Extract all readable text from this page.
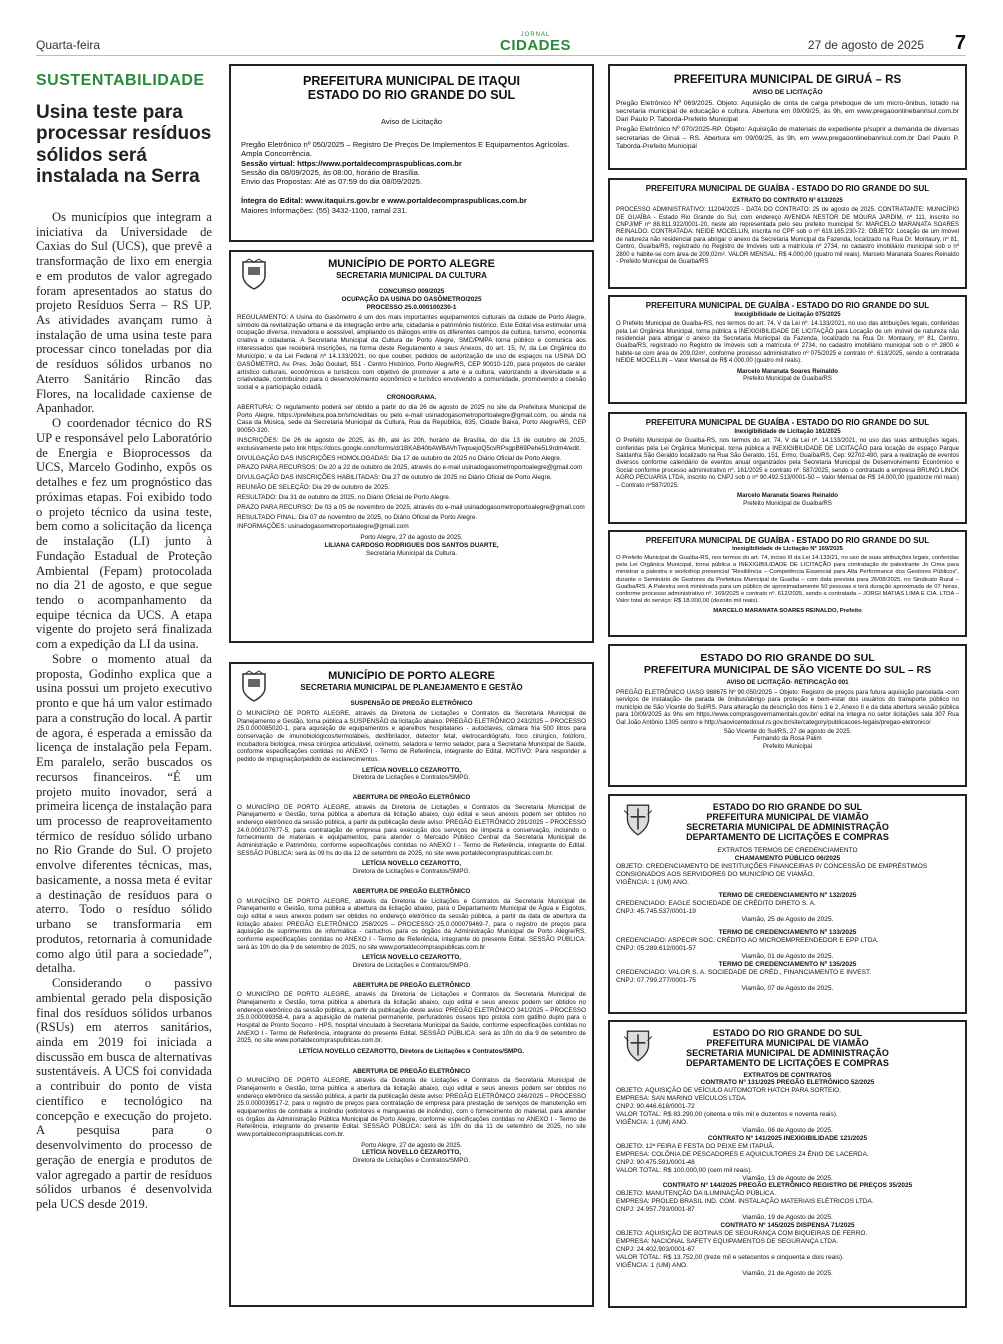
Quarta-feira
JORNAL
CIDADES	27 de agosto de 2025 7
SUSTENTABILIDADE
Usina teste para processar resíduos sólidos será instalada na Serra

Os municípios que integram a iniciativa da Universidade de Caxias do Sul (UCS), que prevê a transformação de lixo em energia e em produtos de valor agregado foram apresentados ao status do projeto Resíduos Serra – RS UP. As atividades avançam rumo à instalação de uma usina teste para processar cinco toneladas por dia de resíduos sólidos urbanos no Aterro Sanitário Rincão das Flores, na localidade caxiense de Apanhador.

O coordenador técnico do RS UP e responsável pelo Laboratório de Energia e Bioprocessos da UCS, Marcelo Godinho, expôs os detalhes e fez um prognóstico das próximas etapas. Foi exibido todo o projeto técnico da usina teste, bem como a solicitação da licença de instalação (LI) junto à Fundação Estadual de Proteção Ambiental (Fepam) protocolada no dia 21 de agosto, e que segue tendo o acompanhamento da equipe técnica da UCS. A etapa vigente do projeto será finalizada com a expedição da LI da usina.

Sobre o momento atual da proposta, Godinho explica que a usina possui um projeto executivo pronto e que há um valor estimado para a construção do local. A partir de agora, é esperada a emissão da licença de instalação pela Fepam. Em paralelo, serão buscados os recursos financeiros. “É um projeto muito inovador, será a primeira licença de instalação para um processo de reaproveitamento térmico de resíduo sólido urbano no Rio Grande do Sul. O projeto envolve diferentes técnicas, mas, basicamente, a nossa meta é evitar a destinação de resíduos para o aterro. Todo o resíduo sólido urbano se transformaria em produtos, retornaria à comunidade como algo útil para a sociedade”, detalha.

Considerando o passivo ambiental gerado pela disposição final dos resíduos sólidos urbanos (RSUs) em aterros sanitários, ainda em 2019 foi iniciada a discussão em busca de alternativas sustentáveis. A UCS foi convidada a contribuir do ponto de vista científico e tecnológico na concepção e execução do projeto. A pesquisa para o desenvolvimento do processo de geração de energia e produtos de valor agregado a partir de resíduos sólidos urbanos é desenvolvida pela UCS desde 2019.

PREFEITURA MUNICIPAL DE ITAQUI
ESTADO DO RIO GRANDE DO SUL
Aviso de Licitação
Pregão Eletrônico nº 050/2025 – Registro De Preços De Implementos E Equipamentos Agrícolas. Ampla Concorrência.
Sessão virtual: https://www.portaldecompraspublicas.com.br
Sessão dia 08/09/2025, às 08:00, horário de Brasília.
Envio das Propostas: Até as 07:59 do dia 08/09/2025.
Íntegra do Edital: www.itaqui.rs.gov.br e www.portaldecompraspublicas.com.br
Maiores Informações: (55) 3432-1100, ramal 231.
MUNICÍPIO DE PORTO ALEGRE
SECRETARIA MUNICIPAL DA CULTURA
CONCURSO 009/2025
OCUPAÇÃO DA USINA DO GASÔMETRO/2025
PROCESSO 25.0.000100230-1

REGULAMENTO: A Usina do Gasômetro é um dos mais importantes equipamentos culturais da cidade de Porto Alegre, símbolo da revitalização urbana e da integração entre arte, cidadania e patrimônio histórico. Este Edital visa estimular uma ocupação diversa, inovadora e acessível, ampliando os diálogos entre os diferentes campos da cultura, turismo, economia criativa e cidadania. A Secretaria Municipal da Cultura de Porto Alegre, SMC/PMPA torna público e comunica aos interessados que receberá inscrições, na forma deste Regulamento e seus Anexos, do art. 15, IV, da Lei Orgânica do Município, e da Lei Federal nº 14.133/2021, no que couber, pedidos de autorização de uso de espaços na USINA DO GASÔMETRO, Av. Pres. João Goulart, 551 - Centro Histórico, Porto Alegre/RS, CEP 90010-120, para projetos de caráter artístico culturais, econômicos e turísticos com objetivo de promover a arte e a cultura, valorizando a diversidade e a criatividade, contribuindo para o desenvolvimento econômico e turístico envolvendo a comunidade, promovendo a coesão social e a participação cidadã.

CRONOGRAMA.

ABERTURA: O regulamento poderá ser obtido a partir do dia 26 de agosto de 2025 no site da Prefeitura Municipal de Porto Alegre, https://prefeitura.poa.br/smc/editais ou pelo e-mail usinadogasometroportoalegre@gmail.com, ou ainda na Casa da Música, sede da Secretaria Municipal da Cultura, Rua da República, 635, Cidade Baixa, Porto Alegre/RS, CEP 90050-320.

INSCRIÇÕES: De 26 de agosto de 2025, às 8h, até às 20h, horário de Brasília, do dia 13 de outubro de 2025, exclusivamente pelo link https://docs.google.com/forms/d/1BKAB40bAWBAVhTwpuejoQ5cvRPsgpB69Pehe5L9rdm4/edit.

DIVULGAÇÃO DAS INSCRIÇÕES HOMOLOGADAS: Dia 17 de outubro de 2025 no Diário Oficial de Porto Alegre.

PRAZO PARA RECURSOS: De 20 a 22 de outubro de 2025, através do e-mail usinadogasometroportoalegre@gmail.com

DIVULGAÇÃO DAS INSCRIÇÕES HABILITADAS: Dia 27 de outubro de 2025 no Diário Oficial de Porto Alegre.

REUNIÃO DE SELEÇÃO: Dia 29 de outubro de 2025.

RESULTADO: Dia 31 de outubro de 2025, no Diário Oficial de Porto Alegre.

PRAZO PARA RECURSO: De 03 a 05 de novembro de 2025, através do e-mail usinadogasometroportoalegre@gmail.com

RESULTADO FINAL: Dia 07 de novembro de 2025, no Diário Oficial de Porto Alegre.

INFORMAÇÕES: usinadogasometroportoalegre@gmail.com

Porto Alegre, 27 de agosto de 2025.
LILIANA CARDOSO RODRIGUES DOS SANTOS DUARTE,
Secretária Municipal da Cultura.
MUNICÍPIO DE PORTO ALEGRE
SECRETARIA MUNICIPAL DE PLANEJAMENTO E GESTÃO
SUSPENSÃO DE PREGÃO ELETRÔNICO

O MUNICÍPIO DE PORTO ALEGRE, através da Diretoria de Licitações e Contratos da Secretaria Municipal de Planejamento e Gestão, torna pública a SUSPENSÃO da licitação abaixo: PREGÃO ELETRÔNICO 243/2025 – PROCESSO 25.0.000085020-1, para aquisição de equipamentos e aparelhos hospitalares - autoclaves, câmara fria 500 litros para conservação de imunobiológicos/termolábeis, desfibrilador, detector fetal, eletrocardiógrafo, foco cirúrgico, fotóforo, incubadora biológica, mesa cirúrgica articulável, oxímetro, seladora e termo selador, para a Secretaria Municipal de Saúde, conforme especificações contidas no ANEXO I - Termo de Referência, integrante do Edital. MOTIVO: Para responder a pedido de impugnação/pedido de esclarecimentos.

LETÍCIA NOVELLO CEZAROTTO,
Diretora de Licitações e Contratos/SMPG.
ABERTURA DE PREGÃO ELETRÔNICO

O MUNICÍPIO DE PORTO ALEGRE, através da Diretoria de Licitações e Contratos da Secretaria Municipal de Planejamento e Gestão, torna pública a abertura da licitação abaixo, cujo edital e seus anexos podem ser obtidos no endereço eletrônico da sessão pública, a partir da publicação deste aviso: PREGÃO ELETRÔNICO 291/2025 – PROCESSO 24.0.000107677-5, para contratação de empresa para execução dos serviços de limpeza e conservação, incluindo o fornecimento de materiais e equipamentos, para atender o Mercado Público Central da Secretaria Municipal de Administração e Patrimônio, conforme especificações contidas no ANEXO I - Termo de Referência, integrante do Edital. SESSÃO PÚBLICA: será às 09 hs do dia 12 de setembro de 2025, no site www.portaldecompraspublicas.com.br.

LETÍCIA NOVELLO CEZAROTTO,
Diretora de Licitações e Contratos/SMPG.
ABERTURA DE PREGÃO ELETRÔNICO

O MUNICÍPIO DE PORTO ALEGRE, através da Diretoria de Licitações e Contratos da Secretaria Municipal de Planejamento e Gestão, torna pública a abertura da licitação abaixo, para o Departamento Municipal de Água e Esgotos, cujo edital e seus anexos podem ser obtidos no endereço eletrônico da sessão pública, a partir da data de abertura da licitação abaixo: PREGÃO ELETRÔNICO 258/2025 – PROCESSO 25.0.000079469-7, para o registro de preços para aquisição de suprimentos de informática - cartuchos para os órgãos da Administração Municipal de Porto Alegre/RS, conforme especificações contidas no ANEXO I - Termo de Referência, integrante do presente Edital. SESSÃO PÚBLICA: será às 10h do dia 9 de setembro de 2025, no site www.portaldecompraspublicas.com.br

LETÍCIA NOVELLO CEZAROTTO,
Diretora de Licitações e Contratos/SMPG.
ABERTURA DE PREGÃO ELETRÔNICO

O MUNICÍPIO DE PORTO ALEGRE, através da Diretoria de Licitações e Contratos da Secretaria Municipal de Planejamento e Gestão, torna pública a abertura da licitação abaixo, cujo edital e seus anexos podem ser obtidos no endereço eletrônico da sessão pública, a partir da publicação deste aviso: PREGÃO ELETRÔNICO 341/2025 – PROCESSO 25.0.000099358-4, para a aquisição de material permanente, perfuradores ósseos tipo pistola com gatilho duplo para o Hospital de Pronto Socorro - HPS, hospital vinculado à Secretaria Municipal da Saúde, conforme especificações contidas no ANEXO I - Termo de Referência, integrante do presente Edital. SESSÃO PÚBLICA: será às 10h do dia 9 de setembro de 2025, no site www.portaldecompraspublicas.com.br.

LETÍCIA NOVELLO CEZAROTTO, Diretora de Licitações e Contratos/SMPG.
ABERTURA DE PREGÃO ELETRÔNICO

O MUNICÍPIO DE PORTO ALEGRE, através da Diretoria de Licitações e Contratos da Secretaria Municipal de Planejamento e Gestão, torna pública a abertura da licitação abaixo, cujo edital e seus anexos podem ser obtidos no endereço eletrônico da sessão pública, a partir da publicação deste aviso: PREGÃO ELETRÔNICO 246/2025 – PROCESSO 25.0.000039517-2, para o registro de preços para contratação de empresa para prestação de serviços de manutenção em equipamentos de combate a incêndio (extintores e mangueiras de incêndio), com o fornecimento do material, para atender os órgãos da Administração Pública Municipal de Porto Alegre, conforme especificações contidas no ANEXO I - Termo de Referência, integrante do presente Edital. SESSÃO PÚBLICA: será às 10h do dia 11 de setembro de 2025, no site www.portaldecompraspublicas.com.br.

Porto Alegre, 27 de agosto de 2025.
LETÍCIA NOVELLO CEZAROTTO,
Diretora de Licitações e Contratos/SMPG.
PREFEITURA MUNICIPAL DE GIRUÁ – RS
AVISO DE LICITAÇÃO

Pregão Eletrônico Nº 069/2025. Objeto: Aquisição de cinta de carga p/reboque de um micro-ônibus, lotado na secretaria municipal de educação e cultura. Abertura em 09/09/25, às 9h, em www.pregaoonlinebanrisul.com.br Dari Paulo P. Taborda-Prefeito Municipal

Pregão Eletrônico Nº 070/2025-RP. Objeto: Aquisição de materiais de expediente p/suprir a demanda de diversas secretarias de Giruá – RS. Abertura em 09/09/25, às 9h, em www.pregaoonlinebanrisul.com.br Dari Paulo P. Taborda-Prefeito Municipal

PREFEITURA MUNICIPAL DE GUAÍBA - ESTADO DO RIO GRANDE DO SUL
EXTRATO DO CONTRATO Nº 613/2025

PROCESSO ADMINISTRATIVO: 11204/2025 - DATA DO CONTRATO: 25 de agosto de 2025. CONTRATANTE: MUNICÍPIO DE GUAÍBA - Estado Rio Grande do Sul, com endereço AVENIDA NESTOR DE MOURA JARDIM, nº 111, inscrito no CNPJ/MF nº 88.811.922/0001-20, neste ato representada pelo seu prefeito municipal Sr. MARCELO MARANATA SOARES REINALDO. CONTRATADA: NEIDE MOCELLIN, inscrita no CPF sob o nº 619.165.230-72. OBJETO: Locação de um imóvel de natureza não residencial para abrigar o anexo da Secretaria Municipal da Fazenda, localizado na Rua Dr. Montaury, nº 81, Centro, Guaíba/RS, registrado no Registro de Imóveis sob a matrícula nº 2734, no cadastro imobiliário municipal sob o nº 2800 e habite-se com área de 209,02m². VALOR MENSAL: R$ 4.000,00 (quatro mil reais). Marcelo Maranata Soares Reinaldo - Prefeito Municipal de Guaíba/RS

PREFEITURA MUNICIPAL DE GUAÍBA - ESTADO DO RIO GRANDE DO SUL
Inexigibilidade de Licitação 075/2025

O Prefeito Municipal de Guaíba-RS, nos termos do art. 74, V da Lei nº. 14.133/2021, no uso das atribuições legais, conferidas pela Lei Orgânica Municipal, torna pública a INEXIGIBILIDADE DE LICITAÇÃO para Locação de um imóvel de natureza não residencial para abrigar o anexo da Secretaria Municipal da Fazenda, localizado na Rua Dr. Montaury, nº 81, Centro, Guaíba/RS, registrado no Registro de Imóveis sob a matrícula nº 2734, no cadastro imobiliário municipal sob o nº 2800 e habite-se com área de 209,02m², conforme processo administrativo nº 075/2025 e contrato nº. 613/2025, sendo a contratada NEIDE MOCELLIN – Valor Mensal de R$ 4.000,00 (quatro mil reais).

Marcelo Maranata Soares Reinaldo
Prefeito Municipal de Guaíba/RS
PREFEITURA MUNICIPAL DE GUAÍBA - ESTADO DO RIO GRANDE DO SUL
Inexigibilidade de Licitação 161/2025

O Prefeito Municipal de Guaíba-RS, nos termos do art. 74, V da Lei nº. 14.133/2021, no uso das suas atribuições legais, conferidas pela Lei Orgânica Municipal, torna pública a INEXIGIBILIDADE DE LICITAÇÃO para locação de espaço Parque Saldanha São Geraldo localizado na Rua São Geraldo, 151, Ermo, Guaíba/RS, Cep: 92702-490, para a realização de eventos diversos conforme calendário de eventos anual organizados pela Secretaria Municipal de Desenvolvimento Econômico e Social conforme processo administrativo nº. 161/2025 e contrato nº. 587/2025, sendo o contratado a empresa BRUNO LINCK AGRO PECUARIA LTDA, inscrito no CNPJ sob o nº 90.492.513/0001-50 – Valor Mensal de R$ 14.000,00 (quatorze mil reais) – Contrato nº587/2025.

Marcelo Maranata Soares Reinaldo
Prefeito Municipal de Guaíba/RS
PREFEITURA MUNICIPAL DE GUAÍBA - ESTADO DO RIO GRANDE DO SUL
Inexigibilidade de Licitação Nº 169/2025

O Prefeito Municipal de Guaíba-RS, nos termos do art. 74, inciso III da Lei 14.133/21, no uso de suas atribuições legais, conferidas pela Lei Orgânica Municipal, torna pública a INEXIGIBILIDADE DE LICITAÇÃO para contratação de palestrante Jo Cima para ministrar a palestra e workshop presencial “Resiliência – Competência Essencial para Alta Performance dos Gestores Públicos”, durante o Seminário de Gestores da Prefeitura Municipal de Guaíba – com data prevista para 26/08/2025, no Sindicato Rural – Guaíba/RS. A Palestra será ministrada para um público de aproximadamente 50 pessoas e terá duração aproximada de 07 horas, conforme processo administrativo nº. 169/2025 e contrato nº. 612/2025, sendo a contratada – JORGI MATIAS LIMA E CIA. LTDA – Valor total do serviço: R$ 18.000,00 (dezoito mil reais).

MARCELO MARANATA SOARES REINALDO, Prefeito
ESTADO DO RIO GRANDE DO SUL
PREFEITURA MUNICIPAL DE SÃO VICENTE DO SUL – RS
AVISO DE LICITAÇÃO- RETIFICAÇÃO 001

PREGÃO ELETRÔNICO UASG 988675 Nº 90.050/2025 – Objeto: Registro de preços para futura aquisição parcelada -com serviços de instalação- de parada de ônibus/abrigo para proteção e bem-estar dos usuários do transporte público no município de São Vicente do Sul/RS. Para alteração da descrição dos itens 1 e 2, Anexo II e da data abertura sessão pública para 10/09/2025 às 9hs em https://www.comprasgovernamentais.gov.br/ edital na íntegra no setor licitações sala 307 Rua Gal João Antônio 1305 centro e http://saovicentedosul.rs.gov.br/site/category/publicacoes-legais/pregao-eletronico/

São Vicente do Sul/RS, 27 de agosto de 2025.
Fernando da Rosa Palim
Prefeito Municipal
ESTADO DO RIO GRANDE DO SUL
PREFEITURA MUNICIPAL DE VIAMÃO
SECRETARIA MUNICIPAL DE ADMINISTRAÇÃO
DEPARTAMENTO DE LICITAÇÕES E COMPRAS
EXTRATOS TERMOS DE CREDENCIAMENTO
CHAMAMENTO PÚBLICO 06/2025
OBJETO: CREDENCIAMENTO DE INSTITUIÇÕES FINANCEIRAS P/ CONCESSÃO DE EMPRÉSTIMOS CONSIGNADOS AOS SERVIDORES DO MUNICÍPIO DE VIAMÃO.
VIGÊNCIA: 1 (UM) ANO.
TERMO DE CREDENCIAMENTO Nº 132/2025
CREDENCIADO: EAGLE SOCIEDADE DE CRÉDITO DIRETO S. A.
CNPJ: 45.745.537/0001-19
Viamão, 25 de Agosto de 2025.
TERMO DE CREDENCIAMENTO Nº 133/2025
CREDENCIADO: ASPECIR SOC. CRÉDITO AO MICROEMPREENDEDOR E EPP LTDA.
CNPJ: 05.289.612/0001-57
Viamão, 01 de Agosto de 2025.
TERMO DE CREDENCIAMENTO Nº 135/2025
CREDENCIADO: VALOR S. A. SOCIEDADE DE CRÉD., FINANCIAMENTO E INVEST.
CNPJ: 07.799.277/0001-75
Viamão, 07 de Agosto de 2025.
ESTADO DO RIO GRANDE DO SUL
PREFEITURA MUNICIPAL DE VIAMÃO
SECRETARIA MUNICIPAL DE ADMINISTRAÇÃO
DEPARTAMENTO DE LICITAÇÕES E COMPRAS
EXTRATOS DE CONTRATOS
CONTRATO Nº 131/2025 PREGÃO ELETRÔNICO 52/2025
OBJETO: AQUISIÇÃO DE VEÍCULO AUTOMOTOR HATCH PARA SORTEIO.
EMPRESA: SAN MARINO VEÍCULOS LTDA.
CNPJ: 90.446.618/0001-72
VALOR TOTAL: R$ 83.290,00 (oitenta e três mil e duzentos e noventa reais).
VIGÊNCIA: 1 (UM) ANO.
Viamão, 06 de Agosto de 2025.
CONTRATO Nº 141/2025 INEXIGIBILIDADE 121/2025
OBJETO: 12ª FEIRA E FESTA DO PEIXE EM ITAPUÃ.
EMPRESA: COLÔNIA DE PESCADORES E AQUICULTORES Z4 ÊNIO DE LACERDA.
CNPJ: 90.475.591/0001-48
VALOR TOTAL: R$ 100.000,00 (cem mil reais).
Viamão, 13 de Agosto de 2025.
CONTRATO Nº 144/2025 PREGÃO ELETRÔNICO REGISTRO DE PREÇOS 35/2025
OBJETO: MANUTENÇÃO DA ILUMINAÇÃO PÚBLICA.
EMPRESA: PROLED BRASIL IND. COM. INSTALAÇÃO MATERIAIS ELÉTRICOS LTDA.
CNPJ: 24.957.793/0001-87
Viamão, 19 de Agosto de 2025.
CONTRATO Nº 145/2025 DISPENSA 71/2025
OBJETO: AQUISIÇÃO DE BOTINAS DE SEGURANÇA COM BIQUEIRAS DE FERRO.
EMPRESA: NACIONAL SAFETY EQUIPAMENTOS DE SEGURANÇA LTDA.
CNPJ: 24.402.903/0001-67
VALOR TOTAL: R$ 13.752,00 (treze mil e setecentos e cinquenta e dois reais).
VIGÊNCIA: 1 (UM) ANO.
Viamão, 21 de Agosto de 2025.
